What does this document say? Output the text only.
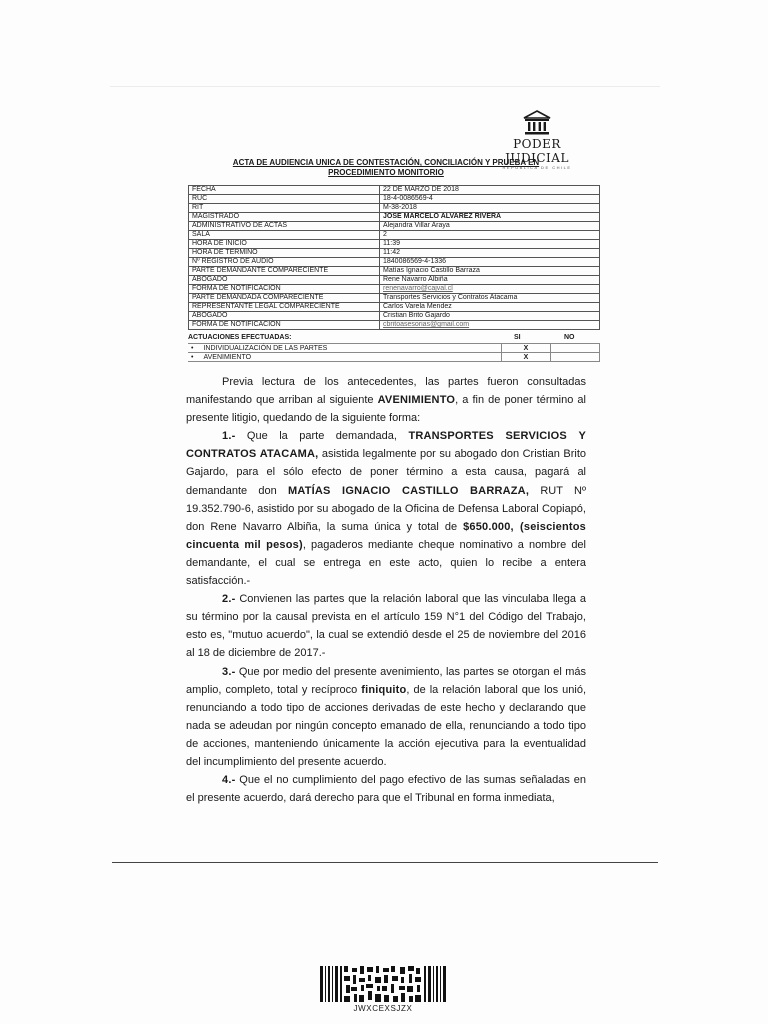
PODER JUDICIAL
REPÚBLICA DE CHILE
ACTA DE AUDIENCIA UNICA DE CONTESTACIÓN, CONCILIACIÓN Y PRUEBA EN
PROCEDIMIENTO MONITORIO
FECHA	22 DE MARZO DE 2018
RUC	18-4-0086569-4
RIT	M-38-2018
MAGISTRADO	JOSE MARCELO ALVAREZ RIVERA
ADMINISTRATIVO DE ACTAS	Alejandra Villar Araya
SALA	2
HORA DE INICIO	11:39
HORA DE TERMINO	11:42
Nº REGISTRO DE AUDIO	1840086569-4-1336
PARTE DEMANDANTE COMPARECIENTE	Matías Ignacio Castillo Barraza
ABOGADO	Rene Navarro Albiña
FORMA DE NOTIFICACION	renenavarro@cajval.cl
PARTE DEMANDADA COMPARECIENTE	Transportes Servicios y Contratos Atacama
REPRESENTANTE LEGAL COMPARECIENTE	Carlos Varela Mendez
ABOGADO	Cristian Brito Gajardo
FORMA DE NOTIFICACION	cbritoasesorias@gmail.com
ACTUACIONES EFECTUADAS:	SI	NO
• INDIVIDUALIZACIÓN DE LAS PARTES	X	
• AVENIMIENTO	X	

Previa lectura de los antecedentes, las partes fueron consultadas manifestando que arriban al siguiente AVENIMIENTO, a fin de poner término al presente litigio, quedando de la siguiente forma:

1.- Que la parte demandada, TRANSPORTES SERVICIOS Y CONTRATOS ATACAMA, asistida legalmente por su abogado don Cristian Brito Gajardo, para el sólo efecto de poner término a esta causa, pagará al demandante don MATÍAS IGNACIO CASTILLO BARRAZA, RUT Nº 19.352.790-6, asistido por su abogado de la Oficina de Defensa Laboral Copiapó, don Rene Navarro Albiña, la suma única y total de $650.000, (seiscientos cincuenta mil pesos), pagaderos mediante cheque nominativo a nombre del demandante, el cual se entrega en este acto, quien lo recibe a entera satisfacción.-

2.- Convienen las partes que la relación laboral que las vinculaba llega a su término por la causal prevista en el artículo 159 N°1 del Código del Trabajo, esto es, "mutuo acuerdo", la cual se extendió desde el 25 de noviembre del 2016 al 18 de diciembre de 2017.-

3.- Que por medio del presente avenimiento, las partes se otorgan el más amplio, completo, total y recíproco finiquito, de la relación laboral que los unió, renunciando a todo tipo de acciones derivadas de este hecho y declarando que nada se adeudan por ningún concepto emanado de ella, renunciando a todo tipo de acciones, manteniendo únicamente la acción ejecutiva para la eventualidad del incumplimiento del presente acuerdo.

4.- Que el no cumplimiento del pago efectivo de las sumas señaladas en el presente acuerdo, dará derecho para que el Tribunal en forma inmediata,

JWXCEXSJZX
